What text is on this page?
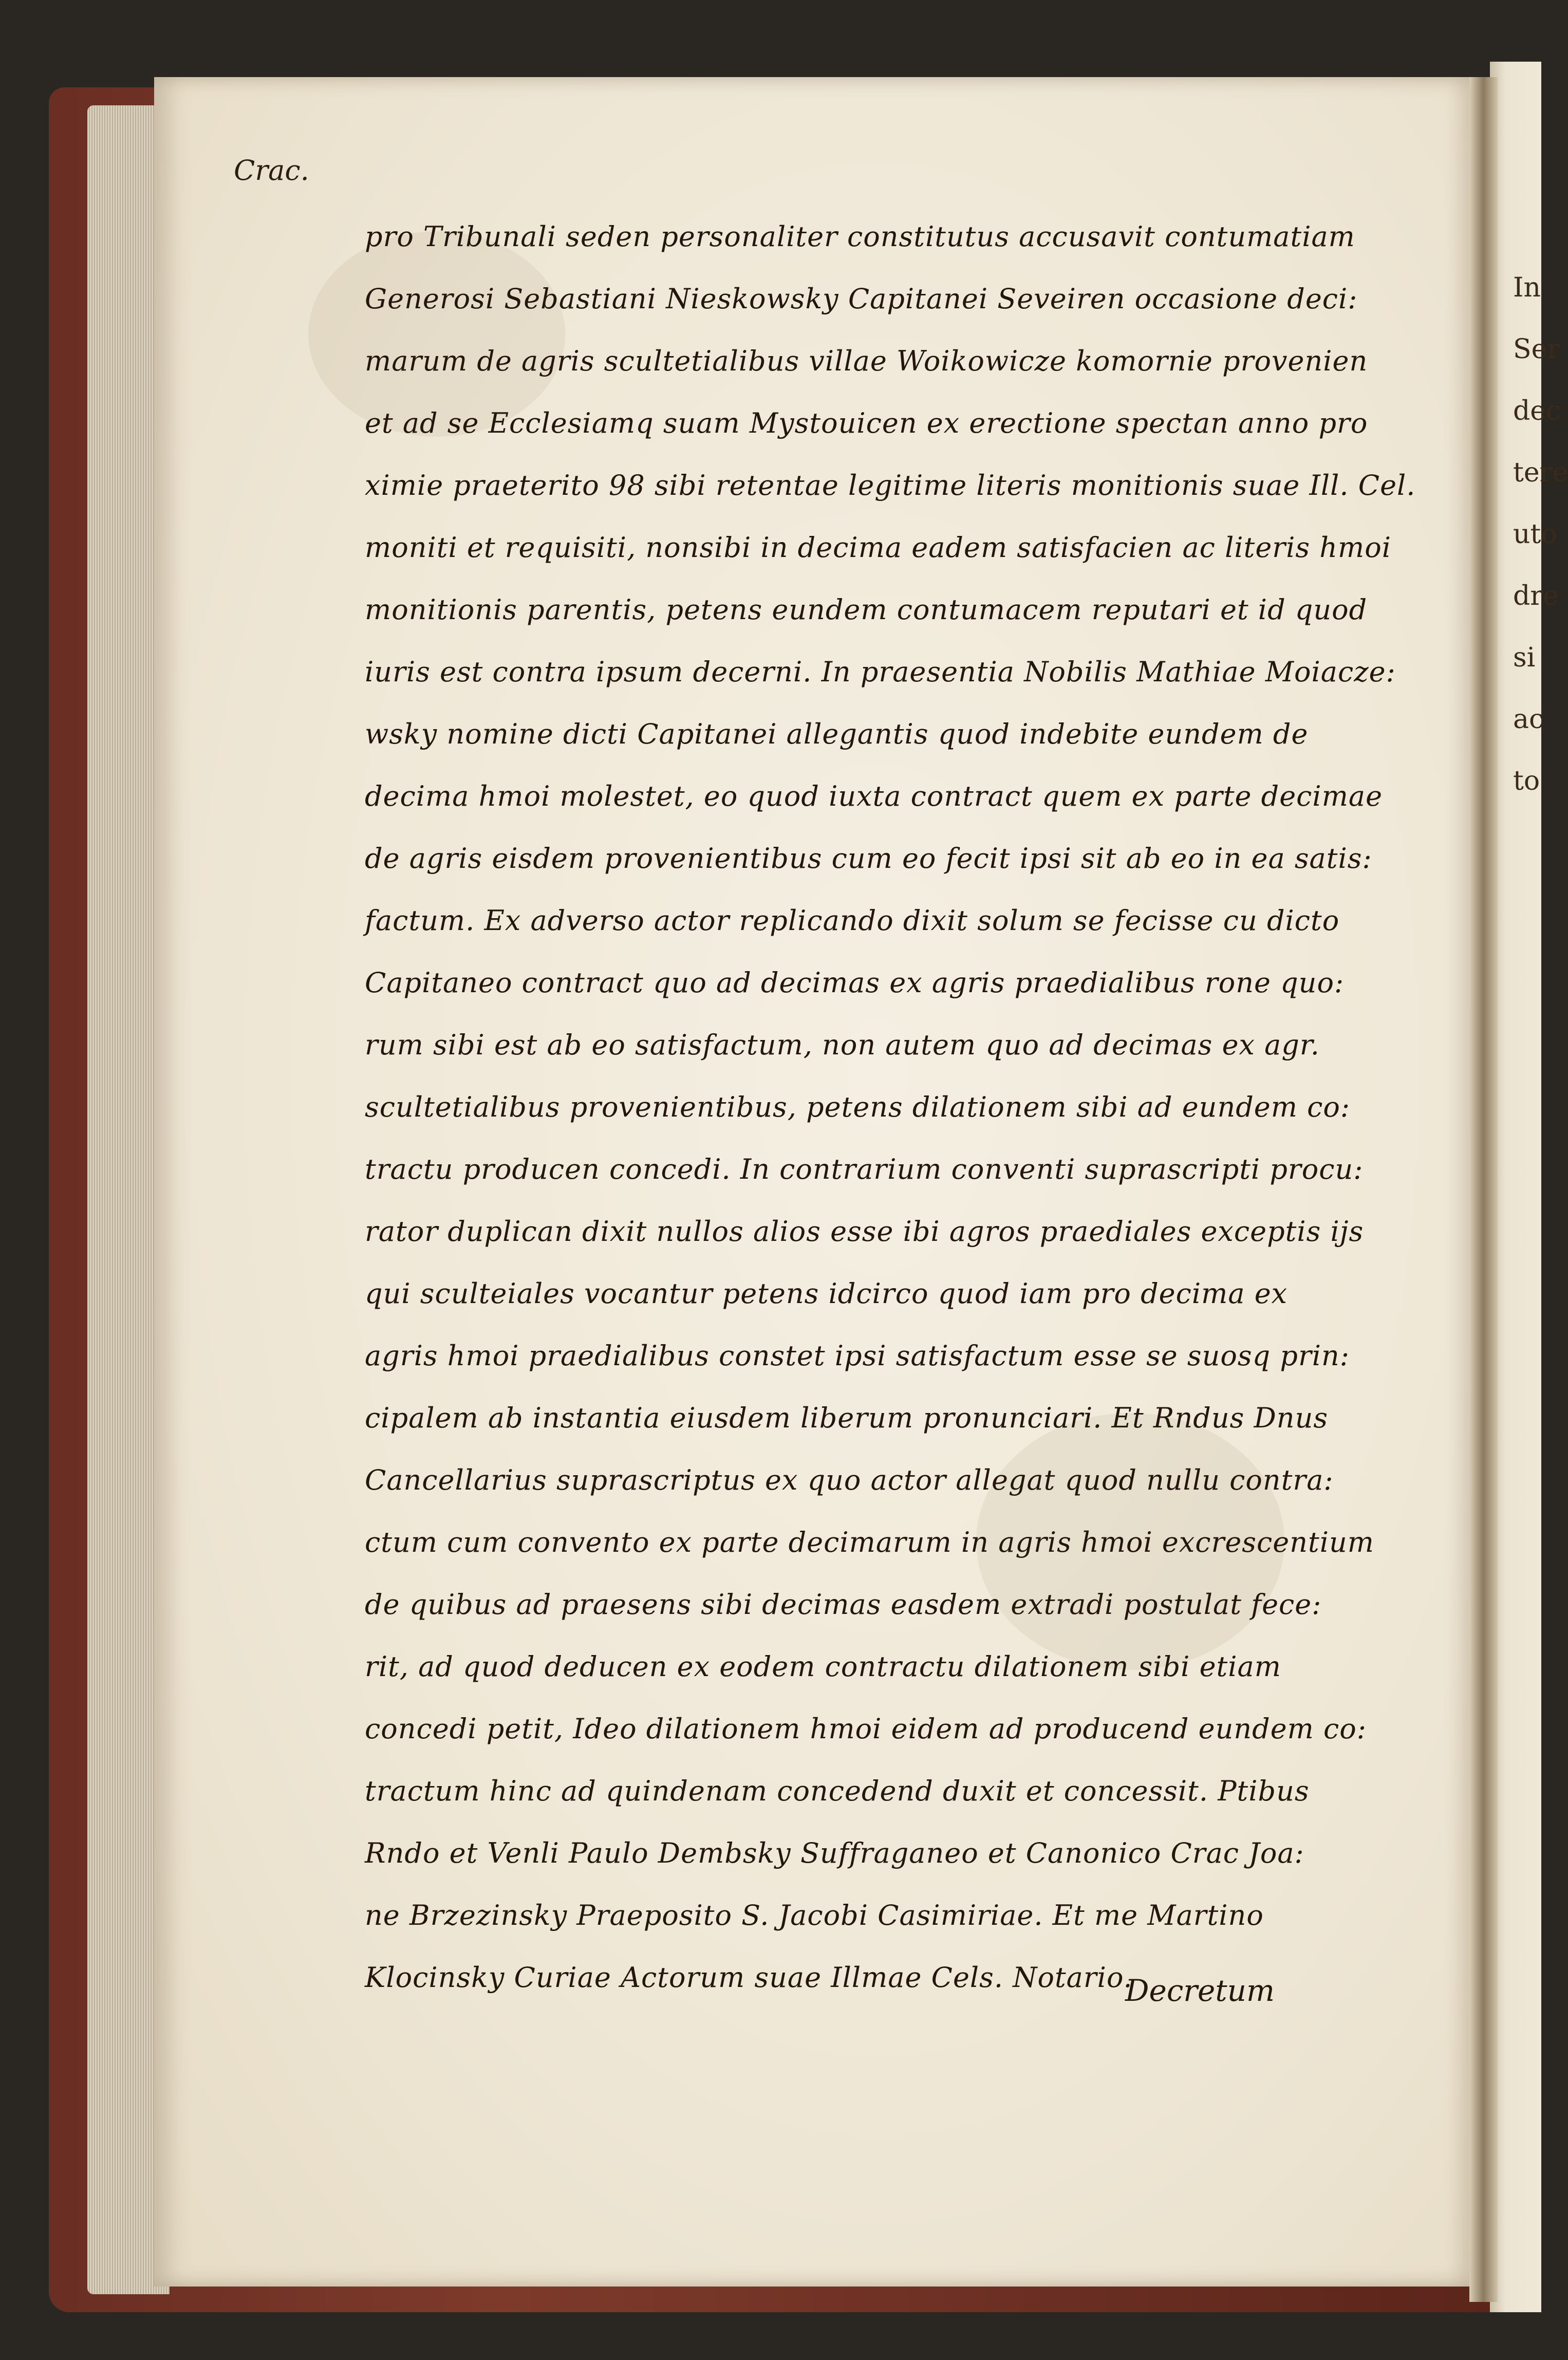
In
Ser
dec
tere
uto
dre
si
ac
to
Crac.
pro Tribunali seden personaliter constitutus accusavit contumatiam
Generosi Sebastiani Nieskowsky Capitanei Seveiren occasione deci:
marum de agris scultetialibus villae Woikowicze komornie provenien
et ad se Ecclesiamq suam Mystouicen ex erectione spectan anno pro
ximie praeterito 98 sibi retentae legitime literis monitionis suae Ill. Cel.
moniti et requisiti, nonsibi in decima eadem satisfacien ac literis hmoi
monitionis parentis, petens eundem contumacem reputari et id quod
iuris est contra ipsum decerni. In praesentia Nobilis Mathiae Moiacze:
wsky nomine dicti Capitanei allegantis quod indebite eundem de
decima hmoi molestet, eo quod iuxta contract quem ex parte decimae
de agris eisdem provenientibus cum eo fecit ipsi sit ab eo in ea satis:
factum. Ex adverso actor replicando dixit solum se fecisse cu dicto
Capitaneo contract quo ad decimas ex agris praedialibus rone quo:
rum sibi est ab eo satisfactum, non autem quo ad decimas ex agr.
scultetialibus provenientibus, petens dilationem sibi ad eundem co:
tractu producen concedi. In contrarium conventi suprascripti procu:
rator duplican dixit nullos alios esse ibi agros praediales exceptis ijs
qui sculteiales vocantur petens idcirco quod iam pro decima ex
agris hmoi praedialibus constet ipsi satisfactum esse se suosq prin:
cipalem ab instantia eiusdem liberum pronunciari. Et Rndus Dnus
Cancellarius suprascriptus ex quo actor allegat quod nullu contra:
ctum cum convento ex parte decimarum in agris hmoi excrescentium
de quibus ad praesens sibi decimas easdem extradi postulat fece:
rit, ad quod deducen ex eodem contractu dilationem sibi etiam
concedi petit, Ideo dilationem hmoi eidem ad producend eundem co:
tractum hinc ad quindenam concedend duxit et concessit. Ptibus
Rndo et Venli Paulo Dembsky Suffraganeo et Canonico Crac Joa:
ne Brzezinsky Praeposito S. Jacobi Casimiriae. Et me Martino
Klocinsky Curiae Actorum suae Illmae Cels. Notario.
Decretum
